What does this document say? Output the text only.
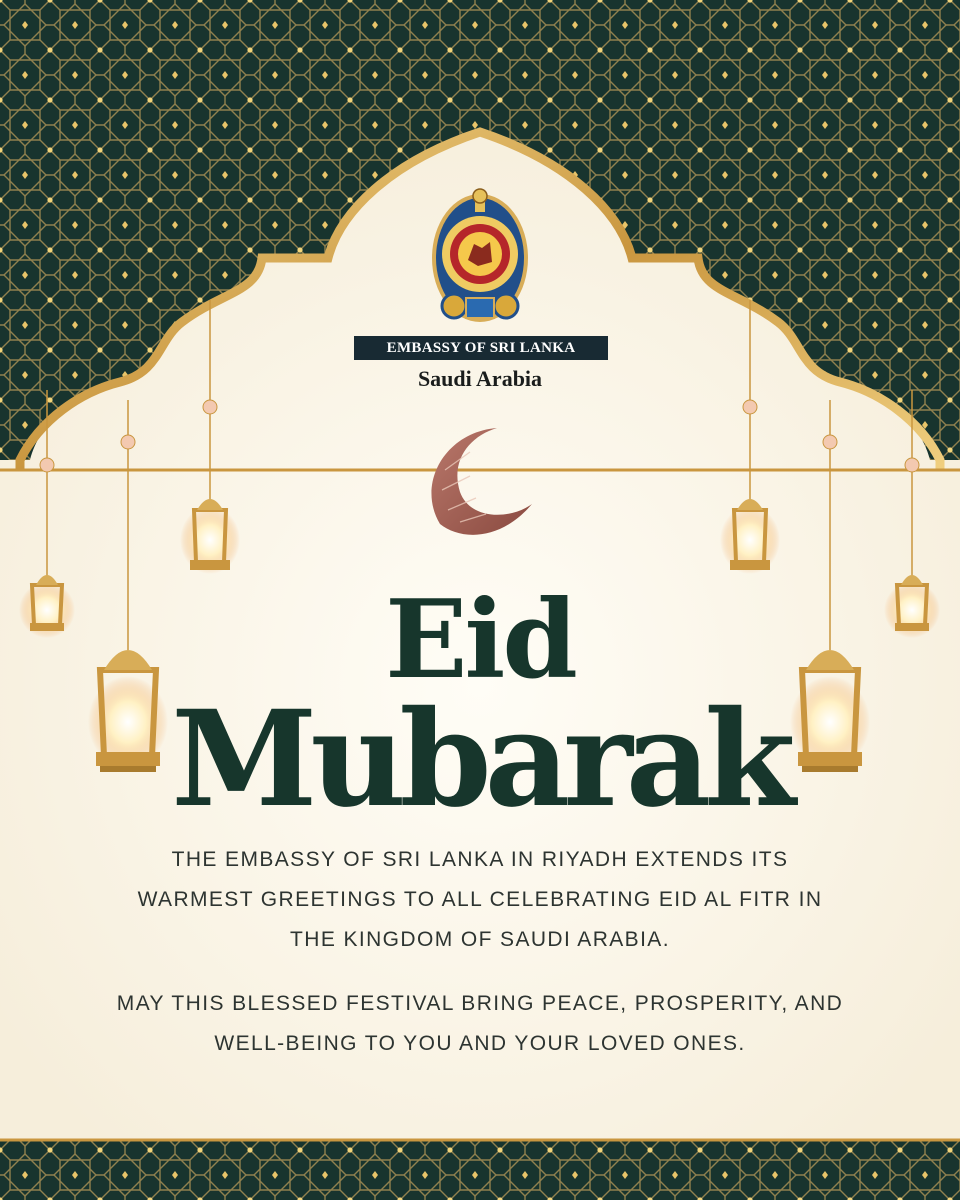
EMBASSY OF SRI LANKA

Saudi Arabia

Eid

Mubarak

THE EMBASSY OF SRI LANKA IN RIYADH EXTENDS ITS
WARMEST GREETINGS TO ALL CELEBRATING EID AL FITR IN
THE KINGDOM OF SAUDI ARABIA.
MAY THIS BLESSED FESTIVAL BRING PEACE, PROSPERITY, AND
WELL-BEING TO YOU AND YOUR LOVED ONES.
